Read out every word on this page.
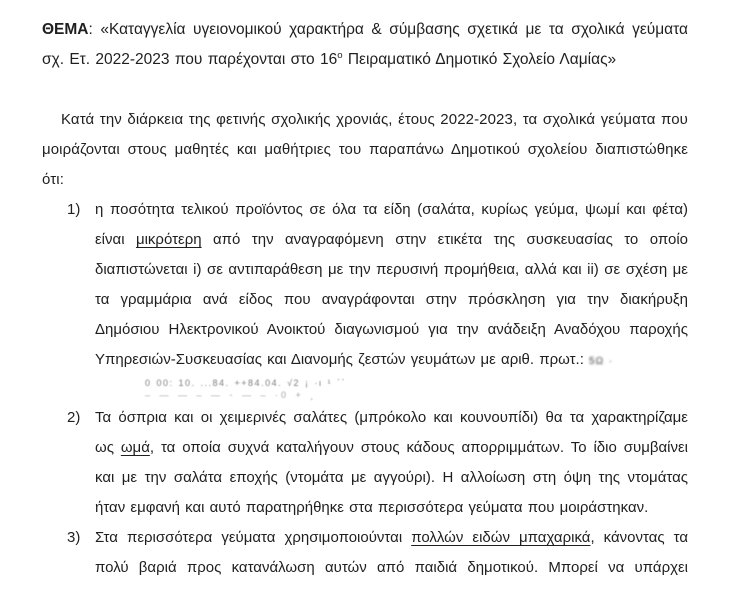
ΘΕΜΑ: «Καταγγελία υγειονομικού χαρακτήρα & σύμβασης σχετικά με τα σχολικά γεύματα σχ. Ετ. 2022-2023 που παρέχονται στο $16^o$ Πειραματικό Δημοτικό Σχολείο Λαμίας»

Κατά την διάρκεια της φετινής σχολικής χρονιάς, έτους 2022-2023, τα σχολικά γεύματα που μοιράζονται στους μαθητές και μαθήτριες του παραπάνω Δημοτικού σχολείου διαπιστώθηκε ότι:

1) η ποσότητα τελικού προϊόντος σε όλα τα είδη (σαλάτα, κυρίως γεύμα, ψωμί και φέτα) είναι μικρότερη από την αναγραφόμενη στην ετικέτα της συσκευασίας το οποίο διαπιστώνεται i) σε αντιπαράθεση με την περυσινή προμήθεια, αλλά και ii) σε σχέση με τα γραμμάρια ανά είδος που αναγράφονται στην πρόσκληση για την διακήρυξη Δημόσιου Ηλεκτρονικού Ανοικτού διαγωνισμού για την ανάδειξη Αναδόχου παροχής Υπηρεσιών-Συσκευασίας και Διανομής ζεστών γευμάτων με αριθ. πρωτ.: 5Ω ·
0 00: 10. ...84. ++84.04. √2 ¡ ·ι ¹ ΄΄
– — — – — - — – ·0 + ¸
2) Τα όσπρια και οι χειμερινές σαλάτες (μπρόκολο και κουνουπίδι) θα τα χαρακτηρίζαμε ως ωμά, τα οποία συχνά καταλήγουν στους κάδους απορριμμάτων. Το ίδιο συμβαίνει και με την σαλάτα εποχής (ντομάτα με αγγούρι). Η αλλοίωση στη όψη της ντομάτας ήταν εμφανή και αυτό παρατηρήθηκε στα περισσότερα γεύματα που μοιράστηκαν.
3) Στα περισσότερα γεύματα χρησιμοποιούνται πολλών ειδών μπαχαρικά, κάνοντας τα πολύ βαριά προς κατανάλωση αυτών από παιδιά δημοτικού. Μπορεί να υπάρχει
